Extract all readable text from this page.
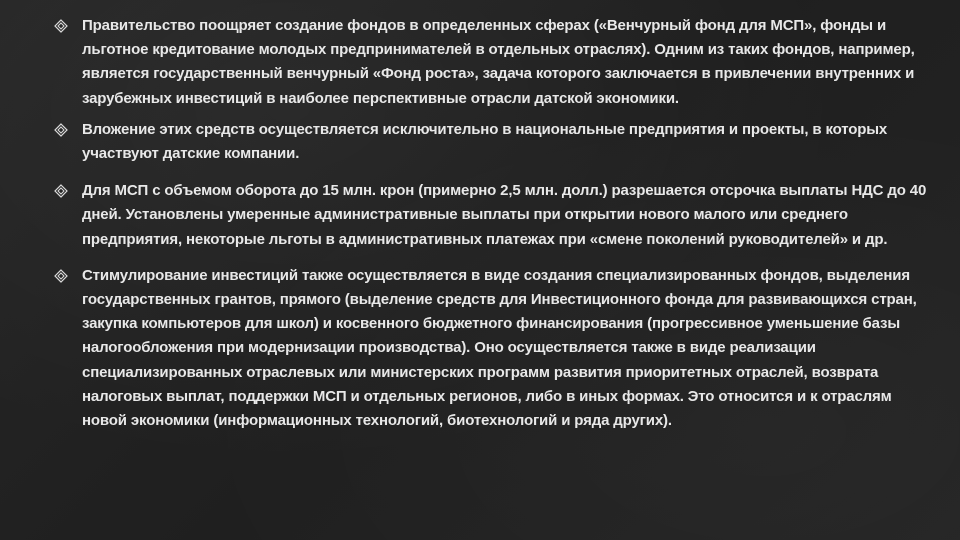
Правительство поощряет создание фондов в определенных сферах («Венчурный фонд для МСП», фонды и льготное кредитование молодых предпринимателей в отдельных отраслях). Одним из таких фондов, например, является государственный венчурный «Фонд роста», задача которого заключается в привлечении внутренних и зарубежных инвестиций в наиболее перспективные отрасли датской экономики.
Вложение этих средств осуществляется исключительно в национальные предприятия и проекты, в которых участвуют датские компании.
Для МСП с объемом оборота до 15 млн. крон (примерно 2,5 млн. долл.) разрешается отсрочка выплаты НДС до 40 дней. Установлены умеренные административные выплаты при открытии нового малого или среднего предприятия, некоторые льготы в административных платежах при «смене поколений руководителей» и др.
Стимулирование инвестиций также осуществляется в виде создания специализированных фондов, выделения государственных грантов, прямого (выделение средств для Инвестиционного фонда для развивающихся стран, закупка компьютеров для школ) и косвенного бюджетного финансирования (прогрессивное уменьшение базы налогообложения при модернизации производства). Оно осуществляется также в виде реализации специализированных отраслевых или министерских программ развития приоритетных отраслей, возврата налоговых выплат, поддержки МСП и отдельных регионов, либо в иных формах. Это относится и к отраслям новой экономики (информационных технологий, биотехнологий и ряда других).
